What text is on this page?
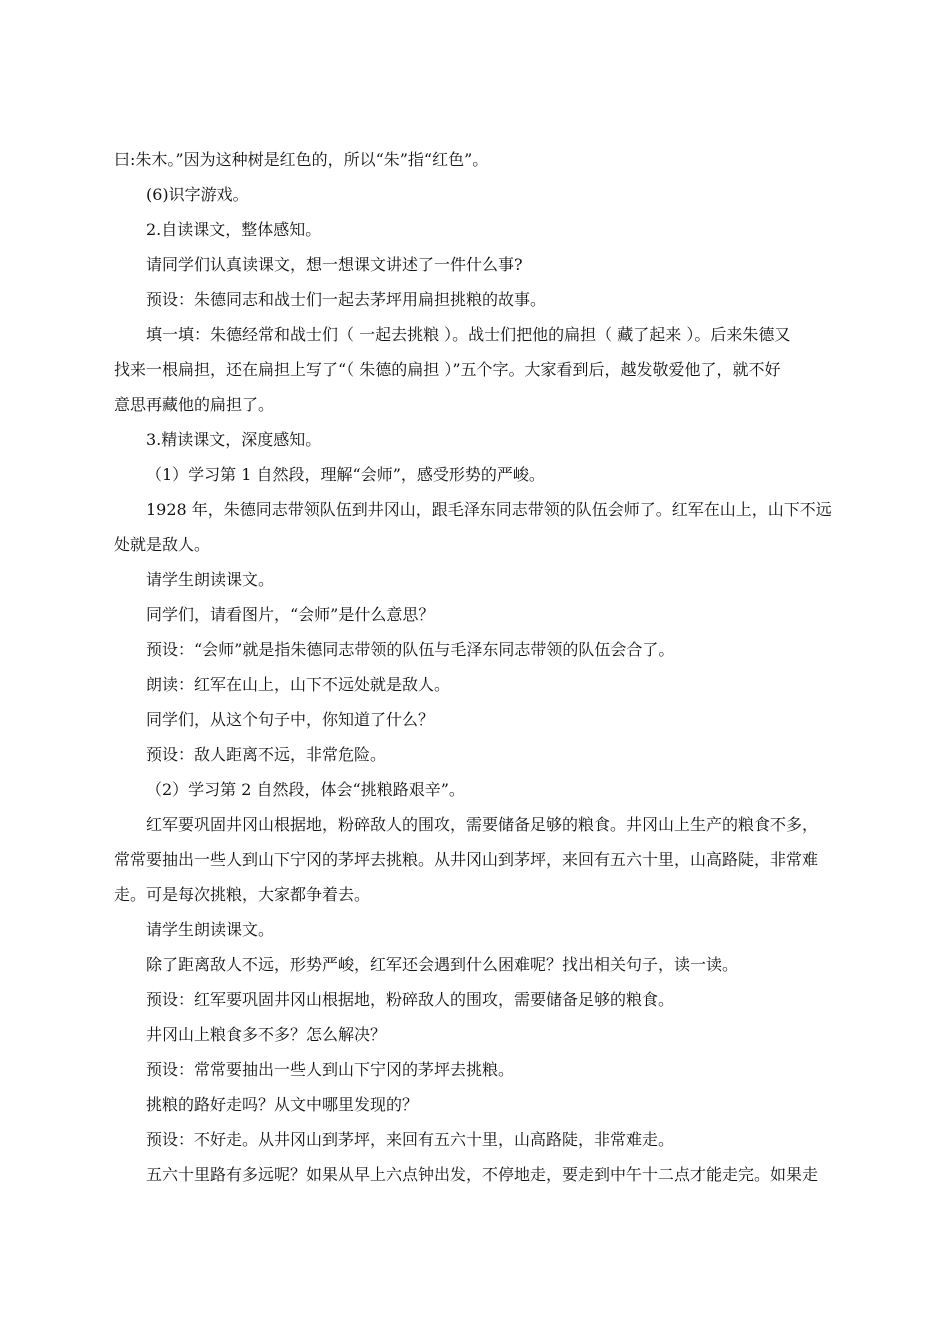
曰:朱木。”因为这种树是红色的，所以“朱”指“红色”。
(6)识字游戏。
2.自读课文，整体感知。
请同学们认真读课文，想一想课文讲述了一件什么事?
预设：朱德同志和战士们一起去茅坪用扁担挑粮的故事。
填一填：朱德经常和战士们（ 一起去挑粮 ）。战士们把他的扁担（ 藏了起来 ）。后来朱德又
找来一根扁担，还在扁担上写了“（ 朱德的扁担 ）”五个字。大家看到后，越发敬爱他了，就不好
意思再藏他的扁担了。
3.精读课文，深度感知。
（1）学习第 1 自然段，理解“会师”，感受形势的严峻。
1928 年，朱德同志带领队伍到井冈山，跟毛泽东同志带领的队伍会师了。红军在山上，山下不远
处就是敌人。
请学生朗读课文。
同学们，请看图片，“会师”是什么意思？
预设：“会师”就是指朱德同志带领的队伍与毛泽东同志带领的队伍会合了。
朗读：红军在山上，山下不远处就是敌人。
同学们，从这个句子中，你知道了什么？
预设：敌人距离不远，非常危险。
（2）学习第 2 自然段，体会“挑粮路艰辛”。
红军要巩固井冈山根据地，粉碎敌人的围攻，需要储备足够的粮食。井冈山上生产的粮食不多，
常常要抽出一些人到山下宁冈的茅坪去挑粮。从井冈山到茅坪，来回有五六十里，山高路陡，非常难
走。可是每次挑粮，大家都争着去。
请学生朗读课文。
除了距离敌人不远，形势严峻，红军还会遇到什么困难呢？找出相关句子，读一读。
预设：红军要巩固井冈山根据地，粉碎敌人的围攻，需要储备足够的粮食。
井冈山上粮食多不多？怎么解决？
预设：常常要抽出一些人到山下宁冈的茅坪去挑粮。
挑粮的路好走吗？从文中哪里发现的？
预设：不好走。从井冈山到茅坪，来回有五六十里，山高路陡，非常难走。
五六十里路有多远呢？如果从早上六点钟出发，不停地走，要走到中午十二点才能走完。如果走
